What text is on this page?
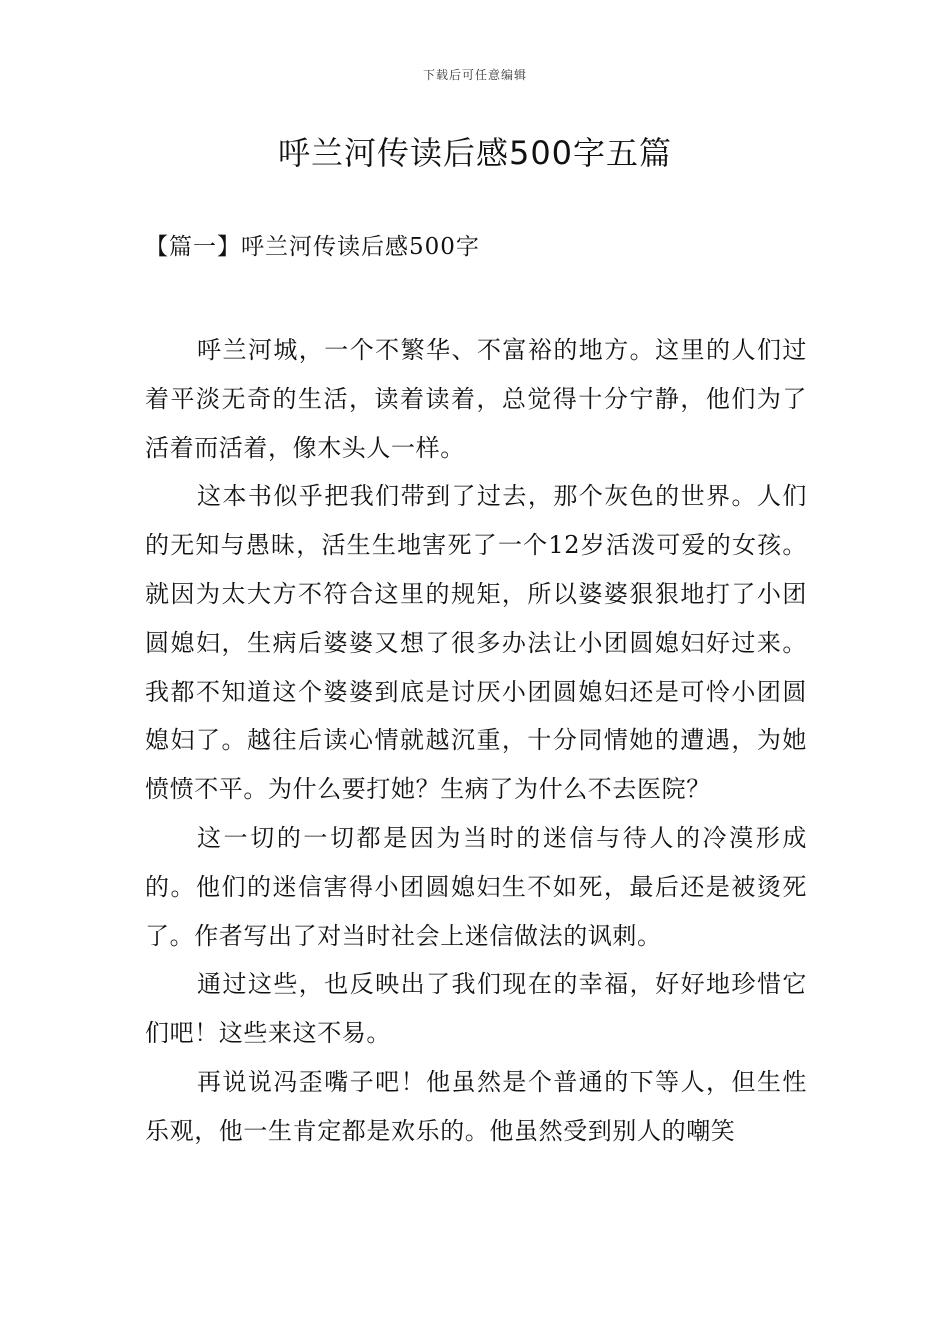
下载后可任意编辑
呼兰河传读后感500字五篇
【篇一】呼兰河传读后感500字

呼兰河城，一个不繁华、不富裕的地方。这里的人们过着平淡无奇的生活，读着读着，总觉得十分宁静，他们为了活着而活着，像木头人一样。

这本书似乎把我们带到了过去，那个灰色的世界。人们的无知与愚昧，活生生地害死了一个12岁活泼可爱的女孩。就因为太大方不符合这里的规矩，所以婆婆狠狠地打了小团圆媳妇，生病后婆婆又想了很多办法让小团圆媳妇好过来。我都不知道这个婆婆到底是讨厌小团圆媳妇还是可怜小团圆媳妇了。越往后读心情就越沉重，十分同情她的遭遇，为她愤愤不平。为什么要打她？生病了为什么不去医院？

这一切的一切都是因为当时的迷信与待人的冷漠形成的。他们的迷信害得小团圆媳妇生不如死，最后还是被烫死了。作者写出了对当时社会上迷信做法的讽刺。

通过这些，也反映出了我们现在的幸福，好好地珍惜它们吧！这些来这不易。

再说说冯歪嘴子吧！他虽然是个普通的下等人，但生性乐观，他一生肯定都是欢乐的。他虽然受到别人的嘲笑
